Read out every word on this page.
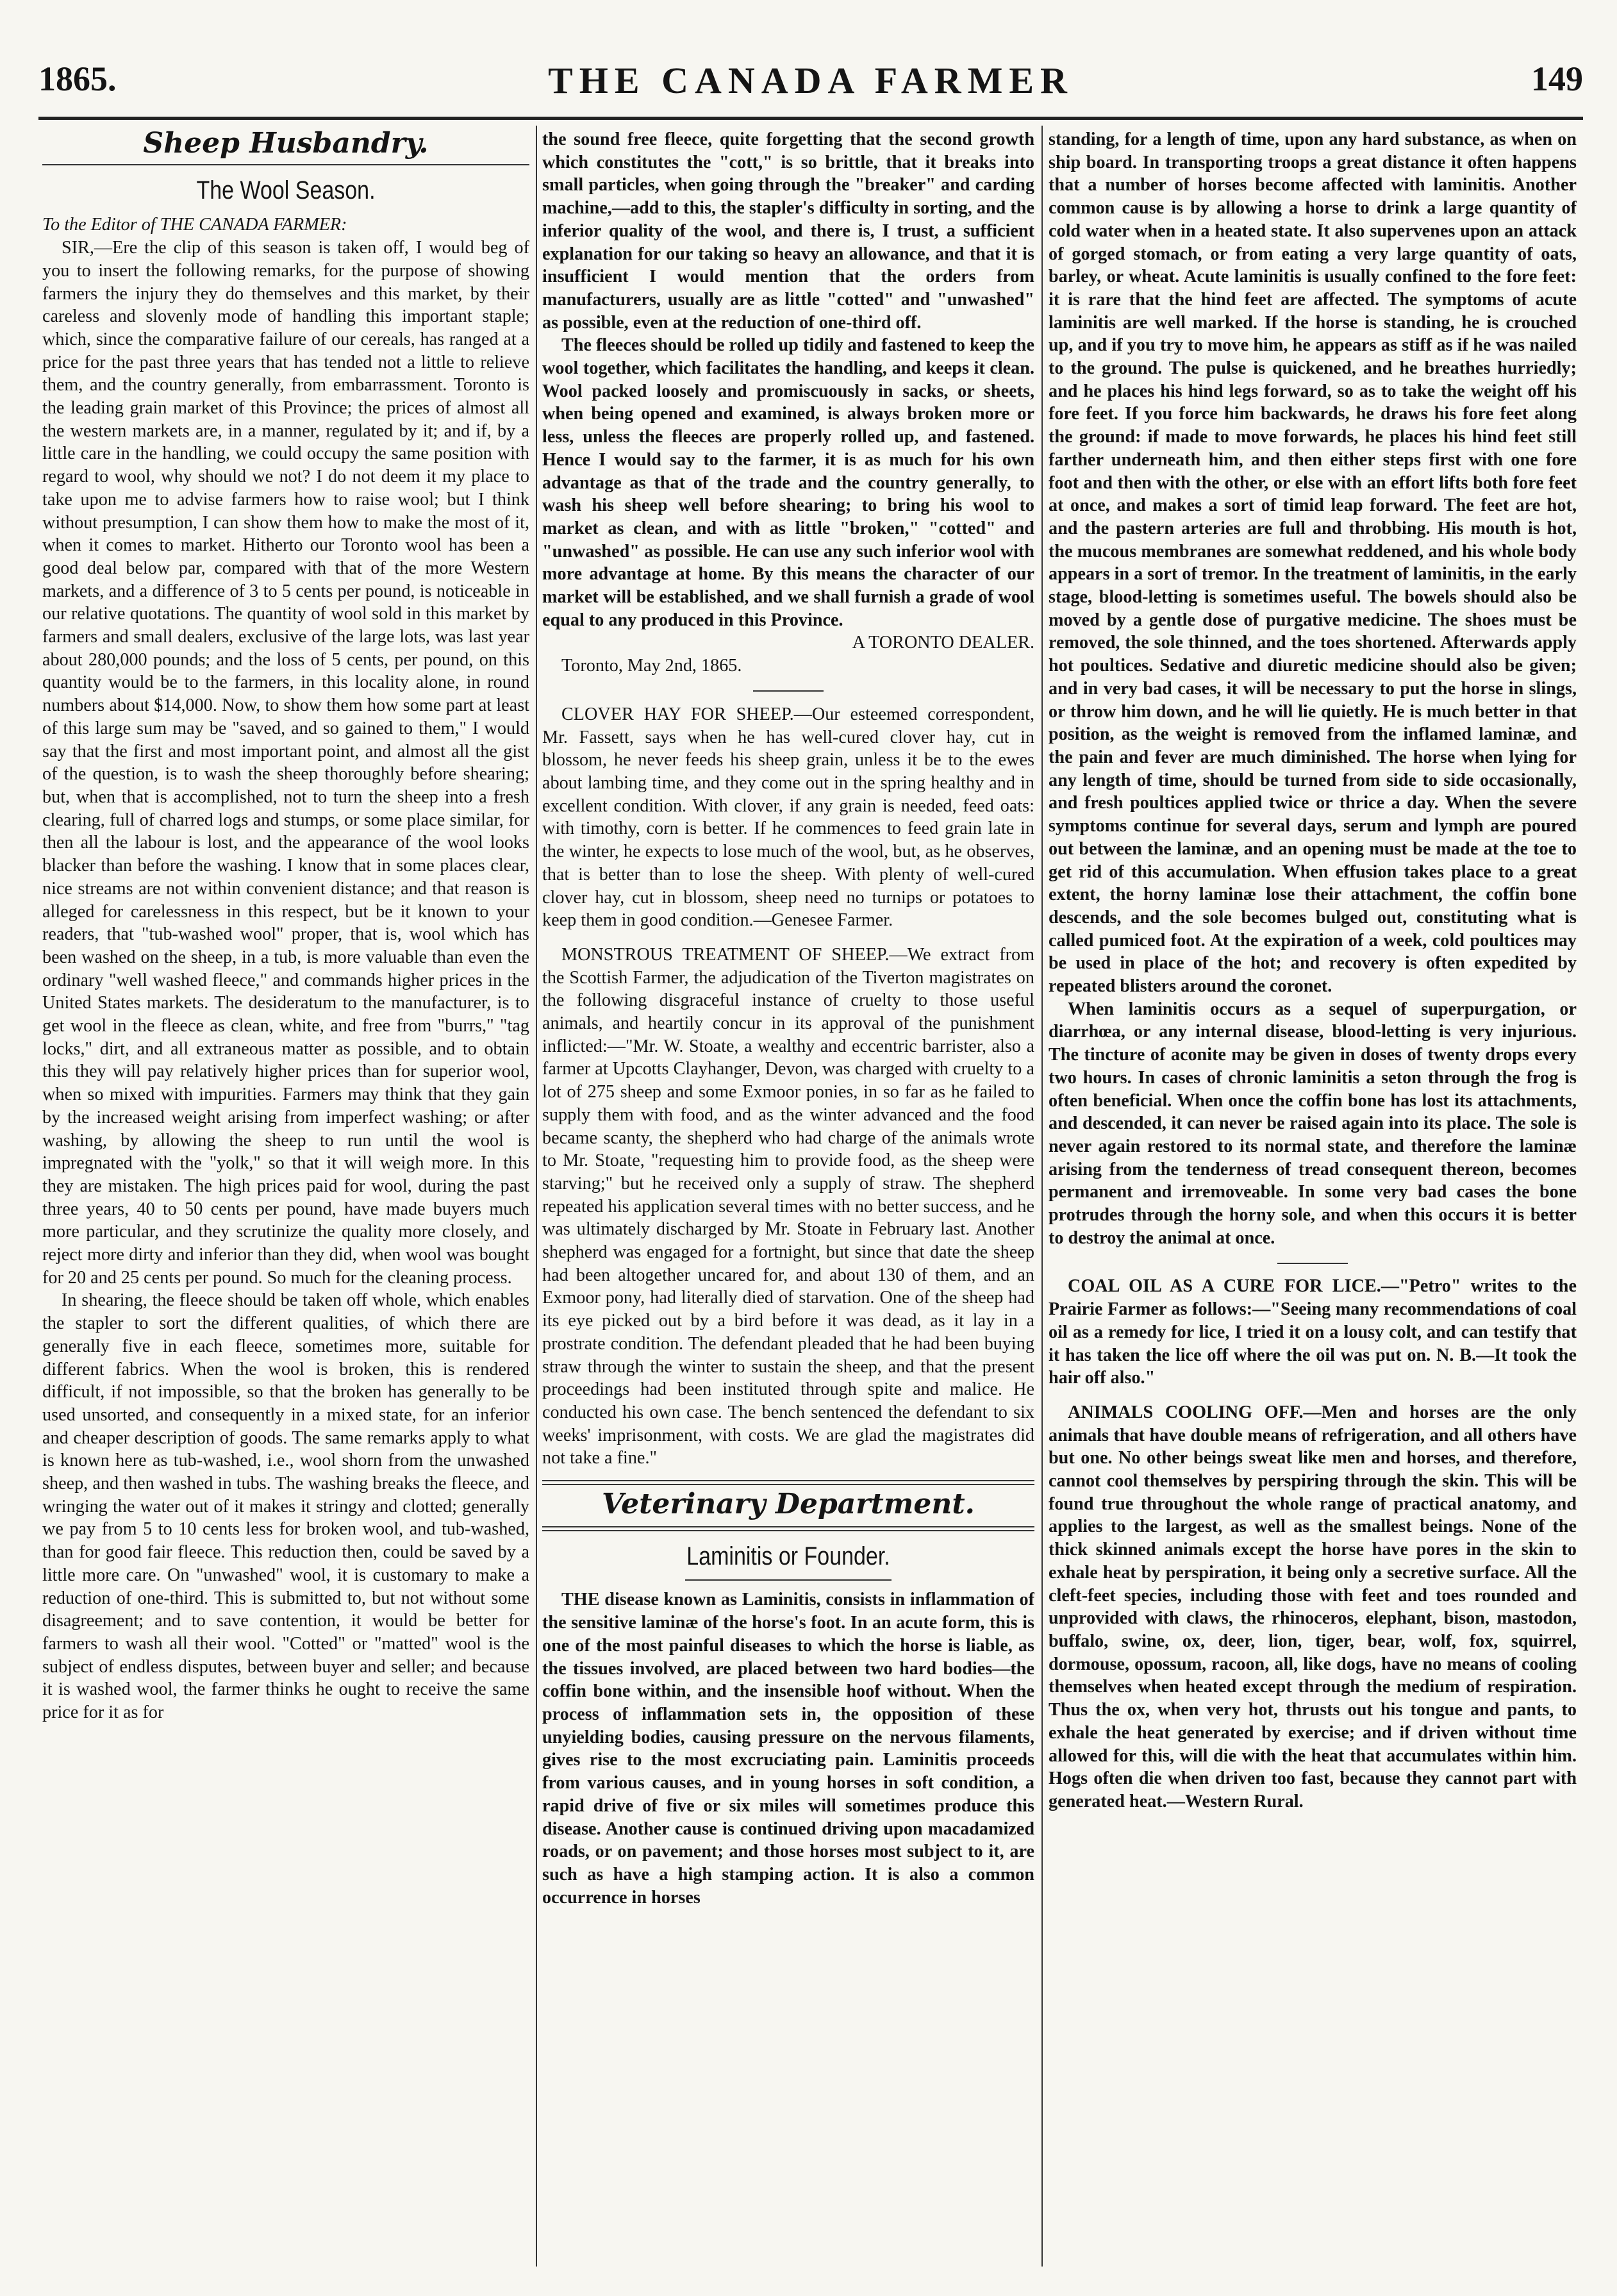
1865.	THE CANADA FARMER	149
Sheep Husbandry.
The Wool Season.

To the Editor of THE CANADA FARMER:

SIR,—Ere the clip of this season is taken off, I would beg of you to insert the following remarks, for the purpose of showing farmers the injury they do themselves and this market, by their careless and slovenly mode of handling this important staple; which, since the comparative failure of our cereals, has ranged at a price for the past three years that has tended not a little to relieve them, and the country generally, from embarrassment. Toronto is the leading grain market of this Province; the prices of almost all the western markets are, in a manner, regulated by it; and if, by a little care in the handling, we could occupy the same position with regard to wool, why should we not? I do not deem it my place to take upon me to advise farmers how to raise wool; but I think without presumption, I can show them how to make the most of it, when it comes to market. Hitherto our Toronto wool has been a good deal below par, compared with that of the more Western markets, and a difference of 3 to 5 cents per pound, is noticeable in our relative quotations. The quantity of wool sold in this market by farmers and small dealers, exclusive of the large lots, was last year about 280,000 pounds; and the loss of 5 cents, per pound, on this quantity would be to the farmers, in this locality alone, in round numbers about $14,000. Now, to show them how some part at least of this large sum may be "saved, and so gained to them," I would say that the first and most important point, and almost all the gist of the question, is to wash the sheep thoroughly before shearing; but, when that is accomplished, not to turn the sheep into a fresh clearing, full of charred logs and stumps, or some place similar, for then all the labour is lost, and the appearance of the wool looks blacker than before the washing. I know that in some places clear, nice streams are not within convenient distance; and that reason is alleged for carelessness in this respect, but be it known to your readers, that "tub-washed wool" proper, that is, wool which has been washed on the sheep, in a tub, is more valuable than even the ordinary "well washed fleece," and commands higher prices in the United States markets. The desideratum to the manufacturer, is to get wool in the fleece as clean, white, and free from "burrs," "tag locks," dirt, and all extraneous matter as possible, and to obtain this they will pay relatively higher prices than for superior wool, when so mixed with impurities. Farmers may think that they gain by the increased weight arising from imperfect washing; or after washing, by allowing the sheep to run until the wool is impregnated with the "yolk," so that it will weigh more. In this they are mistaken. The high prices paid for wool, during the past three years, 40 to 50 cents per pound, have made buyers much more particular, and they scrutinize the quality more closely, and reject more dirty and inferior than they did, when wool was bought for 20 and 25 cents per pound. So much for the cleaning process.

In shearing, the fleece should be taken off whole, which enables the stapler to sort the different qualities, of which there are generally five in each fleece, sometimes more, suitable for different fabrics. When the wool is broken, this is rendered difficult, if not impossible, so that the broken has generally to be used unsorted, and consequently in a mixed state, for an inferior and cheaper description of goods. The same remarks apply to what is known here as tub-washed, i.e., wool shorn from the unwashed sheep, and then washed in tubs. The washing breaks the fleece, and wringing the water out of it makes it stringy and clotted; generally we pay from 5 to 10 cents less for broken wool, and tub-washed, than for good fair fleece. This reduction then, could be saved by a little more care. On "unwashed" wool, it is customary to make a reduction of one-third. This is submitted to, but not without some disagreement; and to save contention, it would be better for farmers to wash all their wool. "Cotted" or "matted" wool is the subject of endless disputes, between buyer and seller; and because it is washed wool, the farmer thinks he ought to receive the same price for it as for

the sound free fleece, quite forgetting that the second growth which constitutes the "cott," is so brittle, that it breaks into small particles, when going through the "breaker" and carding machine,—add to this, the stapler's difficulty in sorting, and the inferior quality of the wool, and there is, I trust, a sufficient explanation for our taking so heavy an allowance, and that it is insufficient I would mention that the orders from manufacturers, usually are as little "cotted" and "unwashed" as possible, even at the reduction of one-third off.

The fleeces should be rolled up tidily and fastened to keep the wool together, which facilitates the handling, and keeps it clean. Wool packed loosely and promiscuously in sacks, or sheets, when being opened and examined, is always broken more or less, unless the fleeces are properly rolled up, and fastened. Hence I would say to the farmer, it is as much for his own advantage as that of the trade and the country generally, to wash his sheep well before shearing; to bring his wool to market as clean, and with as little "broken," "cotted" and "unwashed" as possible. He can use any such inferior wool with more advantage at home. By this means the character of our market will be established, and we shall furnish a grade of wool equal to any produced in this Province.

A TORONTO DEALER.

Toronto, May 2nd, 1865.

CLOVER HAY FOR SHEEP.—Our esteemed correspondent, Mr. Fassett, says when he has well-cured clover hay, cut in blossom, he never feeds his sheep grain, unless it be to the ewes about lambing time, and they come out in the spring healthy and in excellent condition. With clover, if any grain is needed, feed oats: with timothy, corn is better. If he commences to feed grain late in the winter, he expects to lose much of the wool, but, as he observes, that is better than to lose the sheep. With plenty of well-cured clover hay, cut in blossom, sheep need no turnips or potatoes to keep them in good condition.—Genesee Farmer.

MONSTROUS TREATMENT OF SHEEP.—We extract from the Scottish Farmer, the adjudication of the Tiverton magistrates on the following disgraceful instance of cruelty to those useful animals, and heartily concur in its approval of the punishment inflicted:—"Mr. W. Stoate, a wealthy and eccentric barrister, also a farmer at Upcotts Clayhanger, Devon, was charged with cruelty to a lot of 275 sheep and some Exmoor ponies, in so far as he failed to supply them with food, and as the winter advanced and the food became scanty, the shepherd who had charge of the animals wrote to Mr. Stoate, "requesting him to provide food, as the sheep were starving;" but he received only a supply of straw. The shepherd repeated his application several times with no better success, and he was ultimately discharged by Mr. Stoate in February last. Another shepherd was engaged for a fortnight, but since that date the sheep had been altogether uncared for, and about 130 of them, and an Exmoor pony, had literally died of starvation. One of the sheep had its eye picked out by a bird before it was dead, as it lay in a prostrate condition. The defendant pleaded that he had been buying straw through the winter to sustain the sheep, and that the present proceedings had been instituted through spite and malice. He conducted his own case. The bench sentenced the defendant to six weeks' imprisonment, with costs. We are glad the magistrates did not take a fine."

Veterinary Department.
Laminitis or Founder.

THE disease known as Laminitis, consists in inflammation of the sensitive laminæ of the horse's foot. In an acute form, this is one of the most painful diseases to which the horse is liable, as the tissues involved, are placed between two hard bodies—the coffin bone within, and the insensible hoof without. When the process of inflammation sets in, the opposition of these unyielding bodies, causing pressure on the nervous filaments, gives rise to the most excruciating pain. Laminitis proceeds from various causes, and in young horses in soft condition, a rapid drive of five or six miles will sometimes produce this disease. Another cause is continued driving upon macadamized roads, or on pavement; and those horses most subject to it, are such as have a high stamping action. It is also a common occurrence in horses

standing, for a length of time, upon any hard substance, as when on ship board. In transporting troops a great distance it often happens that a number of horses become affected with laminitis. Another common cause is by allowing a horse to drink a large quantity of cold water when in a heated state. It also supervenes upon an attack of gorged stomach, or from eating a very large quantity of oats, barley, or wheat. Acute laminitis is usually confined to the fore feet: it is rare that the hind feet are affected. The symptoms of acute laminitis are well marked. If the horse is standing, he is crouched up, and if you try to move him, he appears as stiff as if he was nailed to the ground. The pulse is quickened, and he breathes hurriedly; and he places his hind legs forward, so as to take the weight off his fore feet. If you force him backwards, he draws his fore feet along the ground: if made to move forwards, he places his hind feet still farther underneath him, and then either steps first with one fore foot and then with the other, or else with an effort lifts both fore feet at once, and makes a sort of timid leap forward. The feet are hot, and the pastern arteries are full and throbbing. His mouth is hot, the mucous membranes are somewhat reddened, and his whole body appears in a sort of tremor. In the treatment of laminitis, in the early stage, blood-letting is sometimes useful. The bowels should also be moved by a gentle dose of purgative medicine. The shoes must be removed, the sole thinned, and the toes shortened. Afterwards apply hot poultices. Sedative and diuretic medicine should also be given; and in very bad cases, it will be necessary to put the horse in slings, or throw him down, and he will lie quietly. He is much better in that position, as the weight is removed from the inflamed laminæ, and the pain and fever are much diminished. The horse when lying for any length of time, should be turned from side to side occasionally, and fresh poultices applied twice or thrice a day. When the severe symptoms continue for several days, serum and lymph are poured out between the laminæ, and an opening must be made at the toe to get rid of this accumulation. When effusion takes place to a great extent, the horny laminæ lose their attachment, the coffin bone descends, and the sole becomes bulged out, constituting what is called pumiced foot. At the expiration of a week, cold poultices may be used in place of the hot; and recovery is often expedited by repeated blisters around the coronet.

When laminitis occurs as a sequel of superpurgation, or diarrhœa, or any internal disease, blood-letting is very injurious. The tincture of aconite may be given in doses of twenty drops every two hours. In cases of chronic laminitis a seton through the frog is often beneficial. When once the coffin bone has lost its attachments, and descended, it can never be raised again into its place. The sole is never again restored to its normal state, and therefore the laminæ arising from the tenderness of tread consequent thereon, becomes permanent and irremoveable. In some very bad cases the bone protrudes through the horny sole, and when this occurs it is better to destroy the animal at once.

COAL OIL AS A CURE FOR LICE.—"Petro" writes to the Prairie Farmer as follows:—"Seeing many recommendations of coal oil as a remedy for lice, I tried it on a lousy colt, and can testify that it has taken the lice off where the oil was put on. N. B.—It took the hair off also."

ANIMALS COOLING OFF.—Men and horses are the only animals that have double means of refrigeration, and all others have but one. No other beings sweat like men and horses, and therefore, cannot cool themselves by perspiring through the skin. This will be found true throughout the whole range of practical anatomy, and applies to the largest, as well as the smallest beings. None of the thick skinned animals except the horse have pores in the skin to exhale heat by perspiration, it being only a secretive surface. All the cleft-feet species, including those with feet and toes rounded and unprovided with claws, the rhinoceros, elephant, bison, mastodon, buffalo, swine, ox, deer, lion, tiger, bear, wolf, fox, squirrel, dormouse, opossum, racoon, all, like dogs, have no means of cooling themselves when heated except through the medium of respiration. Thus the ox, when very hot, thrusts out his tongue and pants, to exhale the heat generated by exercise; and if driven without time allowed for this, will die with the heat that accumulates within him. Hogs often die when driven too fast, because they cannot part with generated heat.—Western Rural.
